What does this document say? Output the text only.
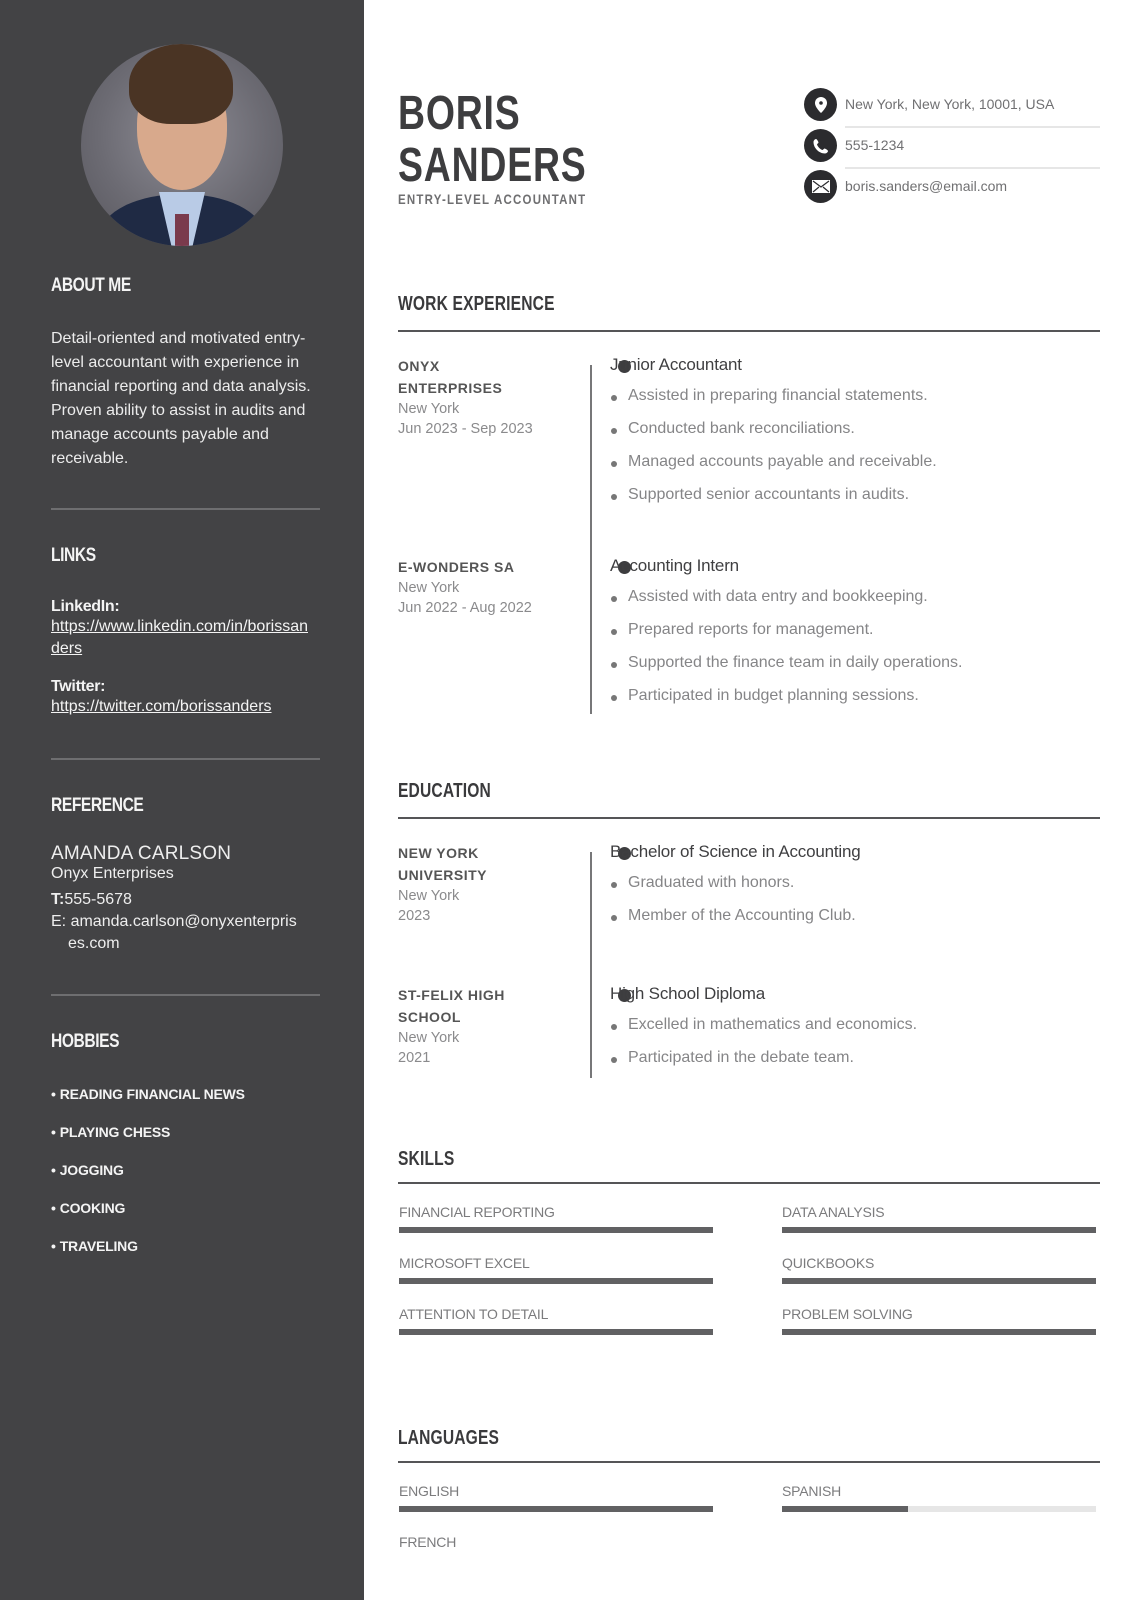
ABOUT ME
Detail-oriented and motivated entry-level accountant with experience in financial reporting and data analysis. Proven ability to assist in audits and manage accounts payable and receivable.
LINKS
LinkedIn:
https://www.linkedin.com/in/borissanders
Twitter:
https://twitter.com/borissanders
REFERENCE
AMANDA CARLSON
Onyx Enterprises
T:555-5678
E: amanda.carlson@onyxenterprises.com
HOBBIES
• READING FINANCIAL NEWS
• PLAYING CHESS
• JOGGING
• COOKING
• TRAVELING
BORIS
SANDERS
ENTRY-LEVEL ACCOUNTANT
New York, New York, 10001, USA
555-1234
boris.sanders@email.com
WORK EXPERIENCE
ONYX ENTERPRISES
New York
Jun 2023 - Sep 2023
Junior Accountant
Assisted in preparing financial statements.
Conducted bank reconciliations.
Managed accounts payable and receivable.
Supported senior accountants in audits.
E-WONDERS SA
New York
Jun 2022 - Aug 2022
Accounting Intern
Assisted with data entry and bookkeeping.
Prepared reports for management.
Supported the finance team in daily operations.
Participated in budget planning sessions.
EDUCATION
NEW YORK UNIVERSITY
New York
2023
Bachelor of Science in Accounting
Graduated with honors.
Member of the Accounting Club.
ST-FELIX HIGH SCHOOL
New York
2021
High School Diploma
Excelled in mathematics and economics.
Participated in the debate team.
SKILLS
FINANCIAL REPORTING	DATA ANALYSIS
MICROSOFT EXCEL	QUICKBOOKS
ATTENTION TO DETAIL	PROBLEM SOLVING
LANGUAGES
ENGLISH	SPANISH
FRENCH
